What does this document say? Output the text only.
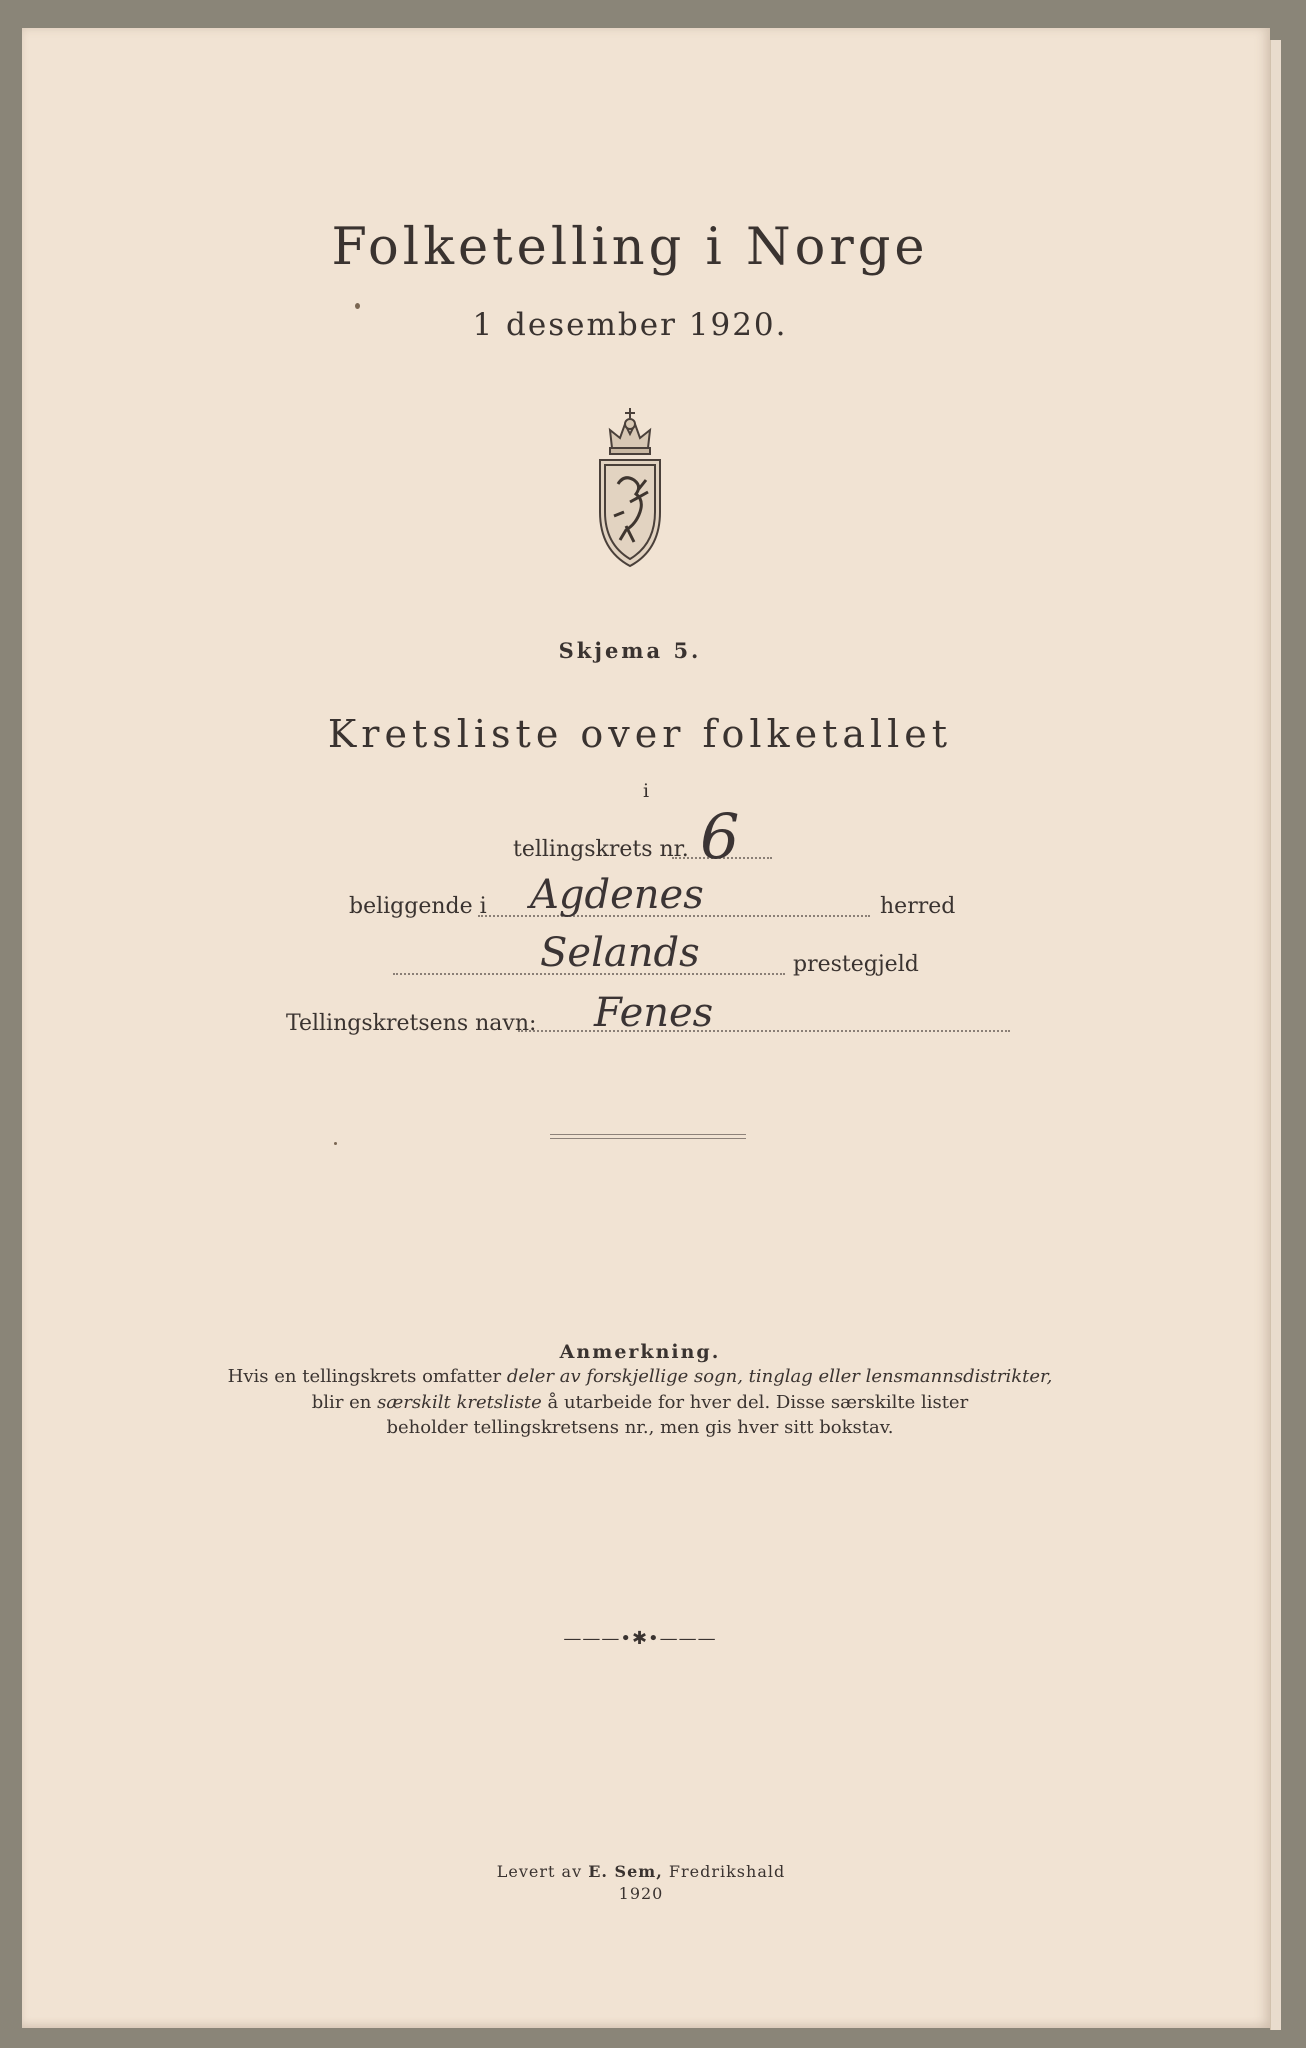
Folketelling i Norge
1 desember 1920.
Skjema 5.
Kretsliste over folketallet
i
tellingskrets nr. 6
beliggende i Agdenes	herred
Selands	prestegjeld
Tellingskretsens navn: Fenes
Anmerkning.
Hvis en tellingskrets omfatter deler av forskjellige sogn, tinglag eller lensmannsdistrikter,
blir en særskilt kretsliste å utarbeide for hver del. Disse særskilte lister
beholder tellingskretsens nr., men gis hver sitt bokstav.
———•✱•———
Levert av E. Sem, Fredrikshald
1920
